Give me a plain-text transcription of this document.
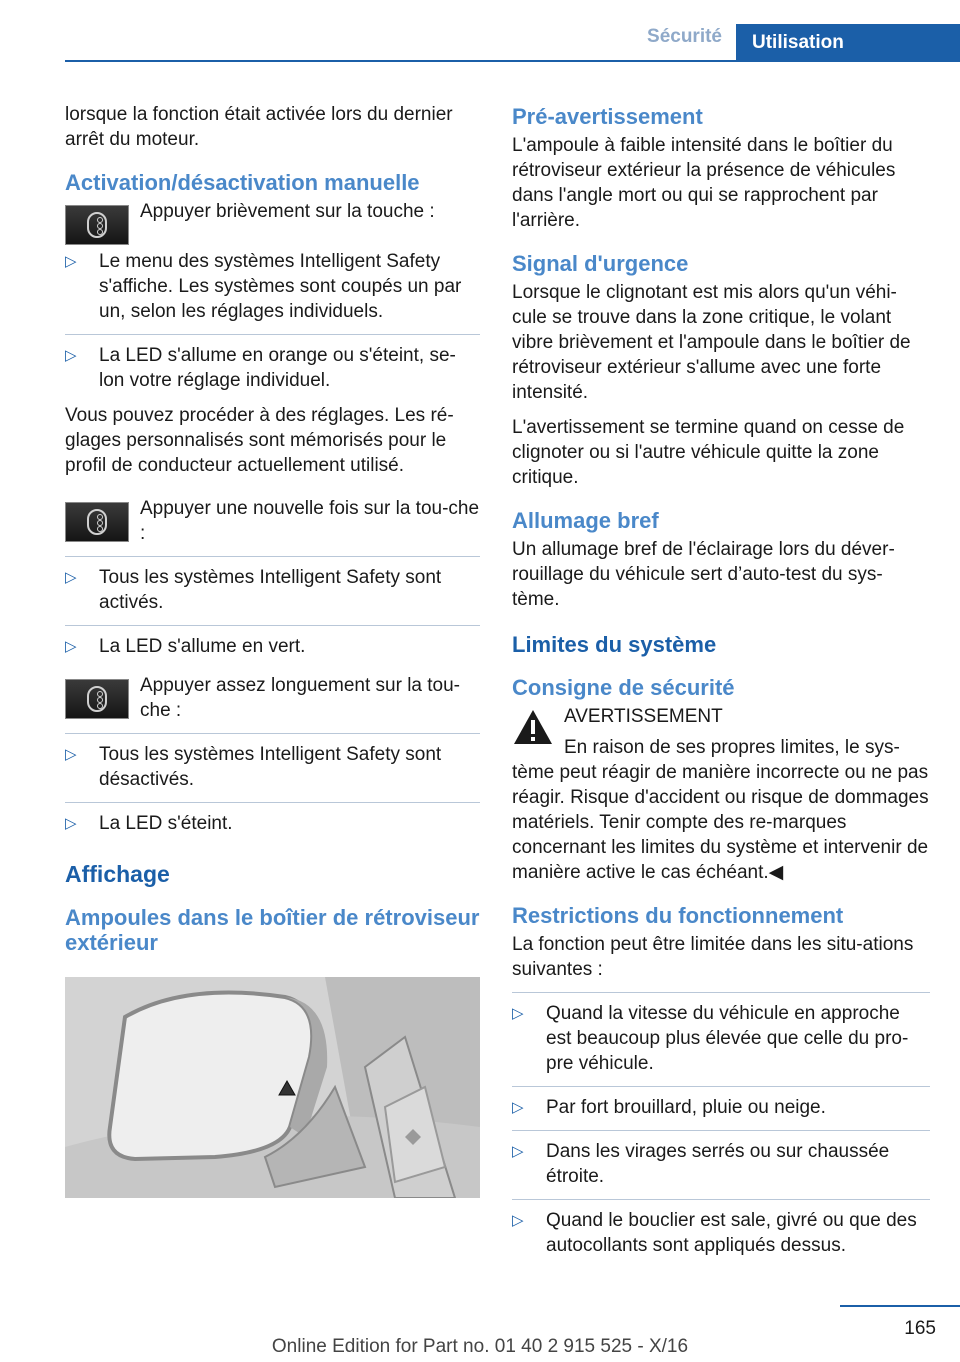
Sécurité	Utilisation

lorsque la fonction était activée lors du dernier arrêt du moteur.

Activation/désactivation manuelle

Appuyer brièvement sur la touche :

▷ Le menu des systèmes Intelligent Safety s'affiche. Les systèmes sont coupés un par un, selon les réglages individuels.
▷ La LED s'allume en orange ou s'éteint, se‐lon votre réglage individuel.

Vous pouvez procéder à des réglages. Les ré‐glages personnalisés sont mémorisés pour le profil de conducteur actuellement utilisé.

Appuyer une nouvelle fois sur la tou‐che :

▷ Tous les systèmes Intelligent Safety sont activés.
▷ La LED s'allume en vert.

Appuyer assez longuement sur la tou‐che :

▷ Tous les systèmes Intelligent Safety sont désactivés.
▷ La LED s'éteint.
Affichage
Ampoules dans le boîtier de rétroviseur extérieur
Pré-avertissement

L'ampoule à faible intensité dans le boîtier du rétroviseur extérieur la présence de véhicules dans l'angle mort ou qui se rapprochent par l'arrière.

Signal d'urgence

Lorsque le clignotant est mis alors qu'un véhi‐cule se trouve dans la zone critique, le volant vibre brièvement et l'ampoule dans le boîtier de rétroviseur extérieur s'allume avec une forte intensité.

L'avertissement se termine quand on cesse de clignoter ou si l'autre véhicule quitte la zone critique.

Allumage bref

Un allumage bref de l'éclairage lors du déver‐rouillage du véhicule sert d’auto-test du sys‐tème.

Limites du système
Consigne de sécurité

AVERTISSEMENT

En raison de ses propres limites, le sys‐tème peut réagir de manière incorrecte ou ne pas réagir. Risque d'accident ou risque de dommages matériels. Tenir compte des re‐marques concernant les limites du système et intervenir de manière active le cas échéant.◀

Restrictions du fonctionnement

La fonction peut être limitée dans les situ‐ations suivantes :

▷ Quand la vitesse du véhicule en approche est beaucoup plus élevée que celle du pro‐pre véhicule.
▷ Par fort brouillard, pluie ou neige.
▷ Dans les virages serrés ou sur chaussée étroite.
▷ Quand le bouclier est sale, givré ou que des autocollants sont appliqués dessus.
165
Online Edition for Part no. 01 40 2 915 525 - X/16
